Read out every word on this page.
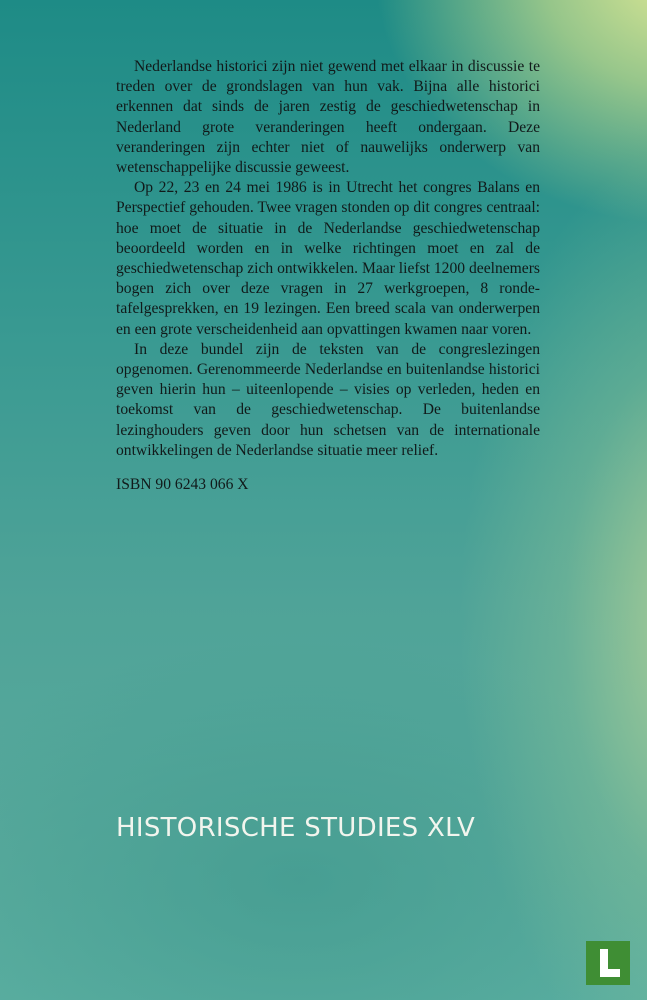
Nederlandse historici zijn niet gewend met elkaar in discussie te treden over de grondslagen van hun vak. Bijna alle historici erkennen dat sinds de jaren zestig de geschiedwetenschap in Nederland grote veranderingen heeft ondergaan. Deze veranderingen zijn echter niet of nauwelijks onderwerp van wetenschappelijke discussie geweest.

Op 22, 23 en 24 mei 1986 is in Utrecht het congres Balans en Perspectief gehouden. Twee vragen stonden op dit congres centraal: hoe moet de situatie in de Nederlandse geschiedwetenschap beoordeeld worden en in welke richtingen moet en zal de geschiedwetenschap zich ontwikkelen. Maar liefst 1200 deelnemers bogen zich over deze vragen in 27 werkgroepen, 8 ronde-tafelgesprekken, en 19 lezingen. Een breed scala van onderwerpen en een grote verscheidenheid aan opvattingen kwamen naar voren.

In deze bundel zijn de teksten van de congreslezingen opgenomen. Gerenommeerde Nederlandse en buitenlandse historici geven hierin hun – uiteenlopende – visies op verleden, heden en toekomst van de geschiedwetenschap. De buitenlandse lezinghouders geven door hun schetsen van de internationale ontwikkelingen de Nederlandse situatie meer relief.

ISBN 90 6243 066 X

HISTORISCHE STUDIES XLV
